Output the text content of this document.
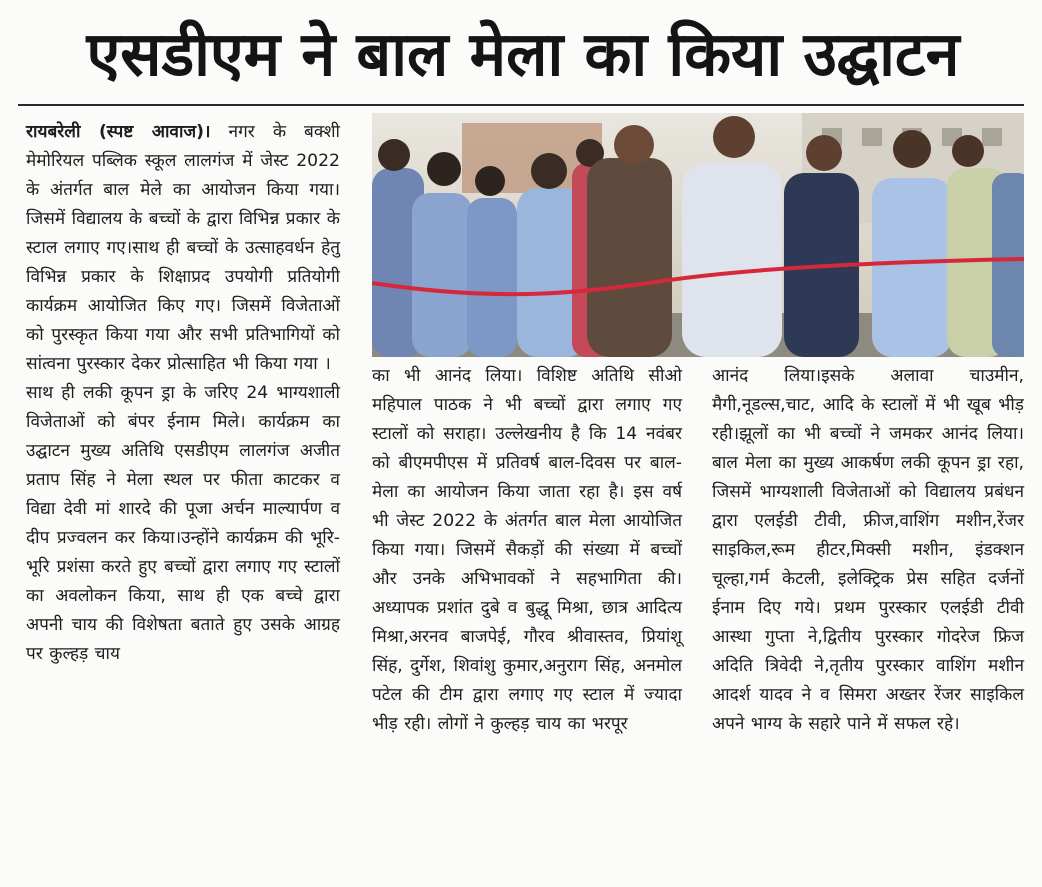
एसडीएम ने बाल मेला का किया उद्घाटन

रायबरेली (स्पष्ट आवाज)। नगर के बक्शी मेमोरियल पब्लिक स्कूल लालगंज में जेस्ट 2022 के अंतर्गत बाल मेले का आयोजन किया गया।जिसमें विद्यालय के बच्चों के द्वारा विभिन्न प्रकार के स्टाल लगाए गए।साथ ही बच्चों के उत्साहवर्धन हेतु विभिन्न प्रकार के शिक्षाप्रद उपयोगी प्रतियोगी कार्यक्रम आयोजित किए गए। जिसमें विजेताओं को पुरस्कृत किया गया और सभी प्रतिभागियों को सांत्वना पुरस्कार देकर प्रोत्साहित भी किया गया ।

साथ ही लकी कूपन ड्रा के जरिए 24 भाग्यशाली विजेताओं को बंपर ईनाम मिले। कार्यक्रम का उद्घाटन मुख्य अतिथि एसडीएम लालगंज अजीत प्रताप सिंह ने मेला स्थल पर फीता काटकर व विद्या देवी मां शारदे की पूजा अर्चन माल्यार्पण व दीप प्रज्वलन कर किया।उन्होंने कार्यक्रम की भूरि-भूरि प्रशंसा करते हुए बच्चों द्वारा लगाए गए स्टालों का अवलोकन किया, साथ ही एक बच्चे द्वारा अपनी चाय की विशेषता बताते हुए उसके आग्रह पर कुल्हड़ चाय

का भी आनंद लिया। विशिष्ट अतिथि सीओ महिपाल पाठक ने भी बच्चों द्वारा लगाए गए स्टालों को सराहा। उल्लेखनीय है कि 14 नवंबर को बीएमपीएस में प्रतिवर्ष बाल-दिवस पर बाल-मेला का आयोजन किया जाता रहा है। इस वर्ष भी जेस्ट 2022 के अंतर्गत बाल मेला आयोजित किया गया। जिसमें सैकड़ों की संख्या में बच्चों और उनके अभिभावकों ने सहभागिता की। अध्यापक प्रशांत दुबे व बुद्धू मिश्रा, छात्र आदित्य मिश्रा,अरनव बाजपेई, गौरव श्रीवास्तव, प्रियांशू सिंह, दुर्गेश, शिवांशु कुमार,अनुराग सिंह, अनमोल पटेल की टीम द्वारा लगाए गए स्टाल में ज्यादा भीड़ रही। लोगों ने कुल्हड़ चाय का भरपूर

आनंद लिया।इसके अलावा चाउमीन, मैगी,नूडल्स,चाट, आदि के स्टालों में भी खूब भीड़ रही।झूलों का भी बच्चों ने जमकर आनंद लिया। बाल मेला का मुख्य आकर्षण लकी कूपन ड्रा रहा, जिसमें भाग्यशाली विजेताओं को विद्यालय प्रबंधन द्वारा एलईडी टीवी, फ्रीज,वाशिंग मशीन,रेंजर साइकिल,रूम हीटर,मिक्सी मशीन, इंडक्शन चूल्हा,गर्म केटली, इलेक्ट्रिक प्रेस सहित दर्जनों ईनाम दिए गये। प्रथम पुरस्कार एलईडी टीवी आस्था गुप्ता ने,द्वितीय पुरस्कार गोदरेज फ्रिज अदिति त्रिवेदी ने,तृतीय पुरस्कार वाशिंग मशीन आदर्श यादव ने व सिमरा अख्तर रेंजर साइकिल अपने भाग्य के सहारे पाने में सफल रहे।
